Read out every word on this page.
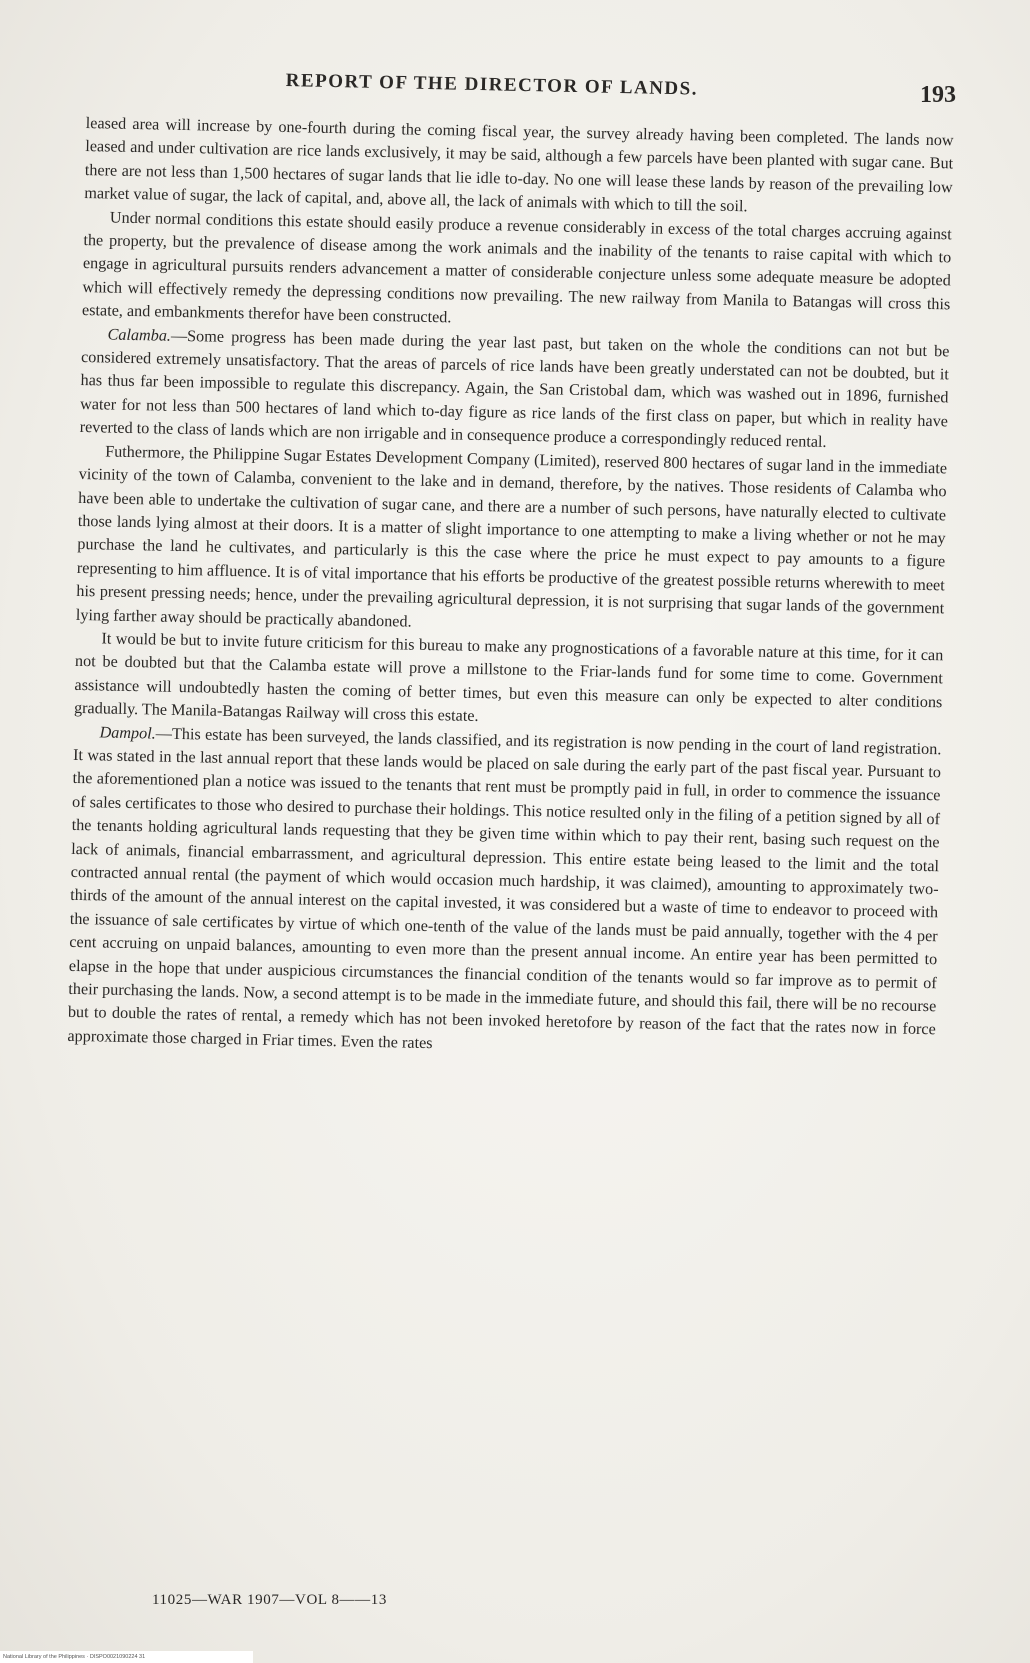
REPORT OF THE DIRECTOR OF LANDS.	193

leased area will increase by one-fourth during the coming fiscal year, the survey already having been completed. The lands now leased and under cultivation are rice lands exclusively, it may be said, although a few parcels have been planted with sugar cane. But there are not less than 1,500 hectares of sugar lands that lie idle to-day. No one will lease these lands by reason of the prevailing low market value of sugar, the lack of capital, and, above all, the lack of animals with which to till the soil.

Under normal conditions this estate should easily produce a revenue considerably in excess of the total charges accruing against the property, but the prevalence of disease among the work animals and the inability of the tenants to raise capital with which to engage in agricultural pursuits renders advancement a matter of considerable conjecture unless some adequate measure be adopted which will effectively remedy the depressing conditions now prevailing. The new railway from Manila to Batangas will cross this estate, and embankments therefor have been constructed.

Calamba.—Some progress has been made during the year last past, but taken on the whole the conditions can not but be considered extremely unsatisfactory. That the areas of parcels of rice lands have been greatly understated can not be doubted, but it has thus far been impossible to regulate this discrepancy. Again, the San Cristobal dam, which was washed out in 1896, furnished water for not less than 500 hectares of land which to-day figure as rice lands of the first class on paper, but which in reality have reverted to the class of lands which are non irrigable and in consequence produce a correspondingly reduced rental.

Futhermore, the Philippine Sugar Estates Development Company (Limited), reserved 800 hectares of sugar land in the immediate vicinity of the town of Calamba, convenient to the lake and in demand, therefore, by the natives. Those residents of Calamba who have been able to undertake the cultivation of sugar cane, and there are a number of such persons, have naturally elected to cultivate those lands lying almost at their doors. It is a matter of slight importance to one attempting to make a living whether or not he may purchase the land he cultivates, and particularly is this the case where the price he must expect to pay amounts to a figure representing to him affluence. It is of vital importance that his efforts be productive of the greatest possible returns wherewith to meet his present pressing needs; hence, under the prevailing agricultural depression, it is not surprising that sugar lands of the government lying farther away should be practically abandoned.

It would be but to invite future criticism for this bureau to make any prognostications of a favorable nature at this time, for it can not be doubted but that the Calamba estate will prove a millstone to the Friar-lands fund for some time to come. Government assistance will undoubtedly hasten the coming of better times, but even this measure can only be expected to alter conditions gradually. The Manila-Batangas Railway will cross this estate.

Dampol.—This estate has been surveyed, the lands classified, and its registration is now pending in the court of land registration. It was stated in the last annual report that these lands would be placed on sale during the early part of the past fiscal year. Pursuant to the aforementioned plan a notice was issued to the tenants that rent must be promptly paid in full, in order to commence the issuance of sales certificates to those who desired to purchase their holdings. This notice resulted only in the filing of a petition signed by all of the tenants holding agricultural lands requesting that they be given time within which to pay their rent, basing such request on the lack of animals, financial embarrassment, and agricultural depression. This entire estate being leased to the limit and the total contracted annual rental (the payment of which would occasion much hardship, it was claimed), amounting to approximately two-thirds of the amount of the annual interest on the capital invested, it was considered but a waste of time to endeavor to proceed with the issuance of sale certificates by virtue of which one-tenth of the value of the lands must be paid annually, together with the 4 per cent accruing on unpaid balances, amounting to even more than the present annual income. An entire year has been permitted to elapse in the hope that under auspicious circumstances the financial condition of the tenants would so far improve as to permit of their purchasing the lands. Now, a second attempt is to be made in the immediate future, and should this fail, there will be no recourse but to double the rates of rental, a remedy which has not been invoked heretofore by reason of the fact that the rates now in force approximate those charged in Friar times. Even the rates

11025—WAR 1907—VOL 8——13
National Library of the Philippines · DISPO0021090224 31
